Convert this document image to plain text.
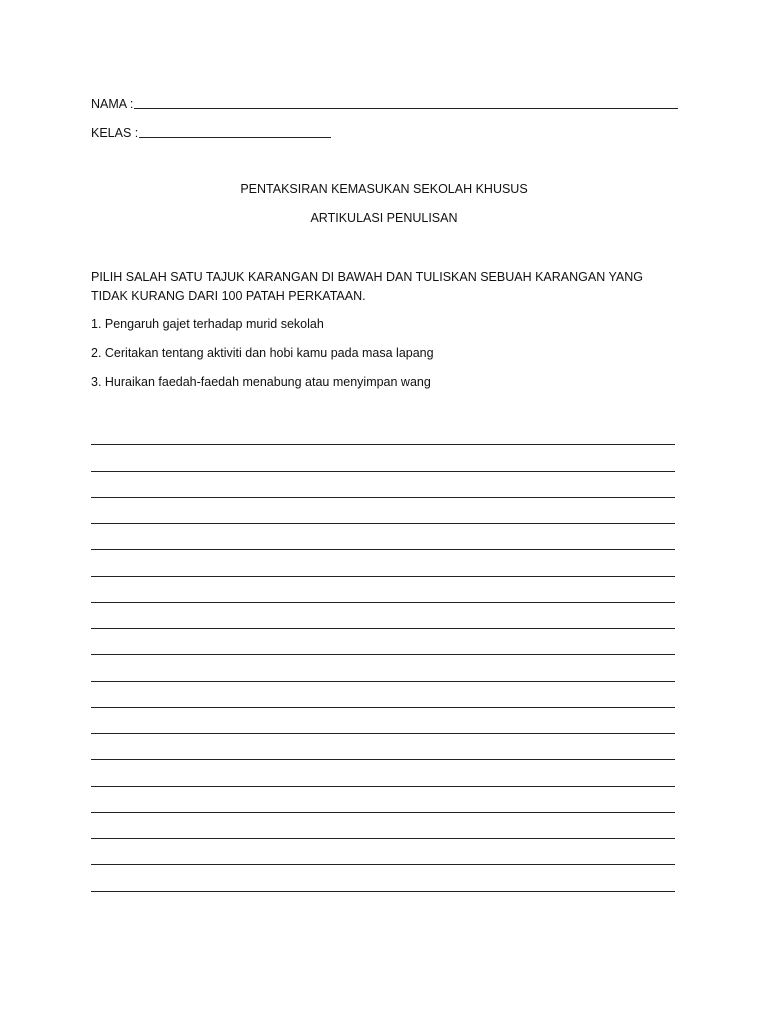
NAMA :
KELAS :
PENTAKSIRAN KEMASUKAN SEKOLAH KHUSUS
ARTIKULASI PENULISAN
PILIH SALAH SATU TAJUK KARANGAN DI BAWAH DAN TULISKAN SEBUAH KARANGAN YANG TIDAK KURANG DARI 100 PATAH PERKATAAN.
1. Pengaruh gajet terhadap murid sekolah
2. Ceritakan tentang aktiviti dan hobi kamu pada masa lapang
3. Huraikan faedah-faedah menabung atau menyimpan wang
